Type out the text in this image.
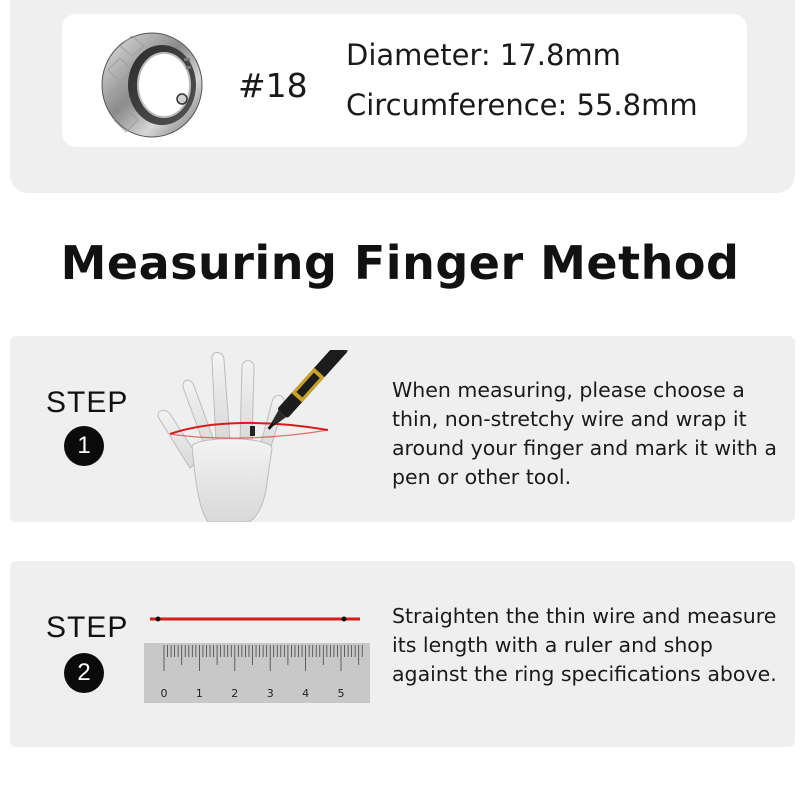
#18
Diameter: 17.8mm
Circumference: 55.8mm
Measuring Finger Method
STEP
1
When measuring, please choose a thin, non-stretchy wire and wrap it around your finger and mark it with a pen or other tool.
STEP
2
0	1	2	3	4	5
Straighten the thin wire and measure its length with a ruler and shop against the ring specifications above.
